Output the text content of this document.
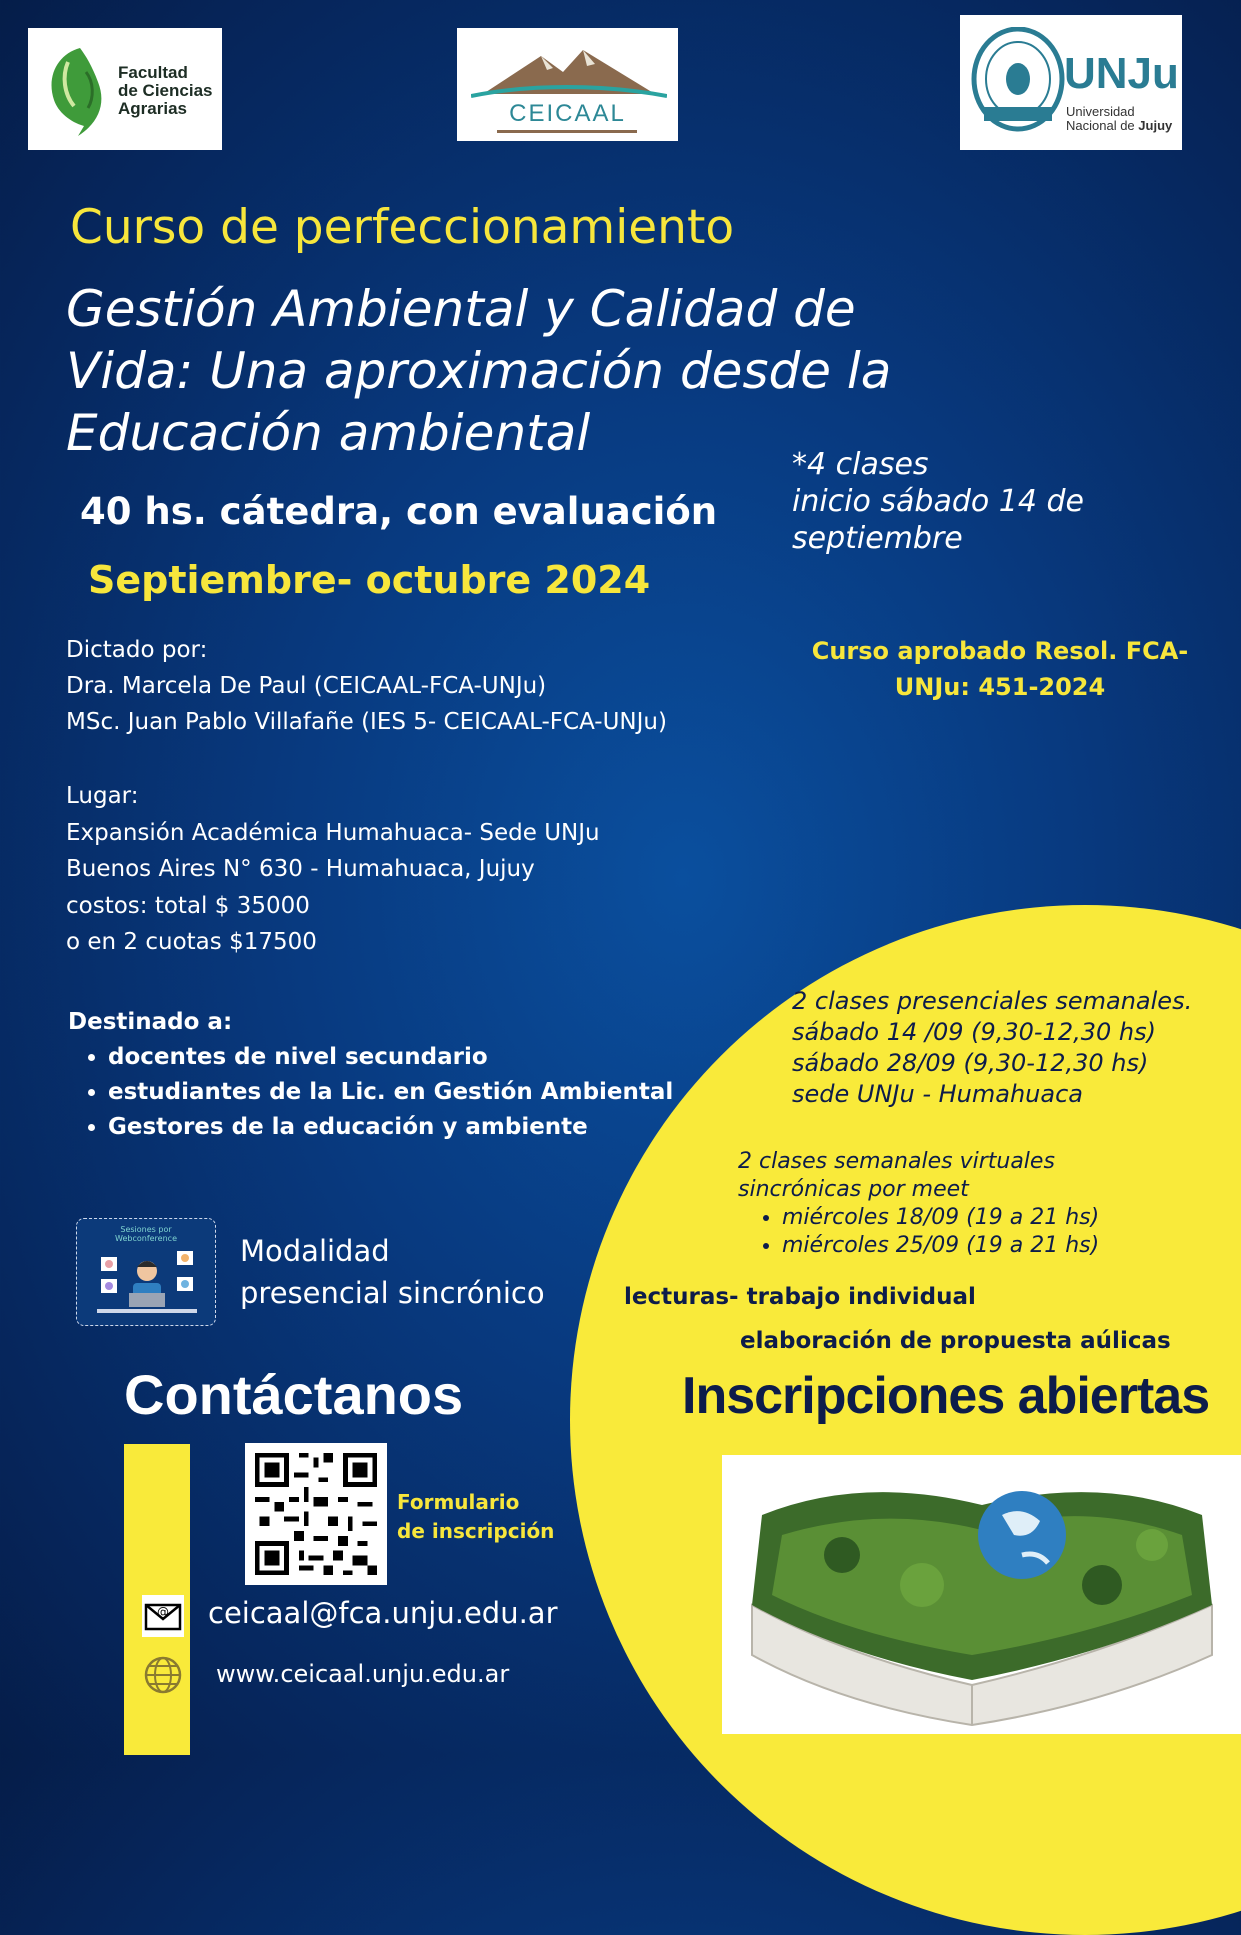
Facultad
de Ciencias
Agrarias	CEICAAL
UNJu
Universidad
Nacional de Jujuy
Curso de perfeccionamiento
Gestión Ambiental y Calidad de
Vida: Una aproximación desde la
Educación ambiental
40 hs. cátedra, con evaluación
Septiembre- octubre 2024
*4 clases
inicio sábado 14 de
septiembre
Curso aprobado Resol. FCA-
UNJu: 451-2024
Dictado por:
Dra. Marcela De Paul (CEICAAL-FCA-UNJu)
MSc. Juan Pablo Villafañe (IES 5- CEICAAL-FCA-UNJu)
Lugar:
Expansión Académica Humahuaca- Sede UNJu
Buenos Aires N° 630 - Humahuaca, Jujuy
costos: total $ 35000
o en 2 cuotas $17500
Destinado a:
• docentes de nivel secundario
• estudiantes de la Lic. en Gestión Ambiental
• Gestores de la educación y ambiente
Sesiones por Webconference	Modalidad
presencial sincrónico
2 clases presenciales semanales.
sábado 14 /09 (9,30-12,30 hs)
sábado 28/09 (9,30-12,30 hs)
sede UNJu - Humahuaca
2 clases semanales virtuales
sincrónicas por meet
• miércoles 18/09 (19 a 21 hs)
• miércoles 25/09 (19 a 21 hs)
lecturas- trabajo individual
elaboración de propuesta aúlicas
Inscripciones abiertas
Contáctanos
Formulario
de inscripción
@ ceicaal@fca.unju.edu.ar
www.ceicaal.unju.edu.ar
